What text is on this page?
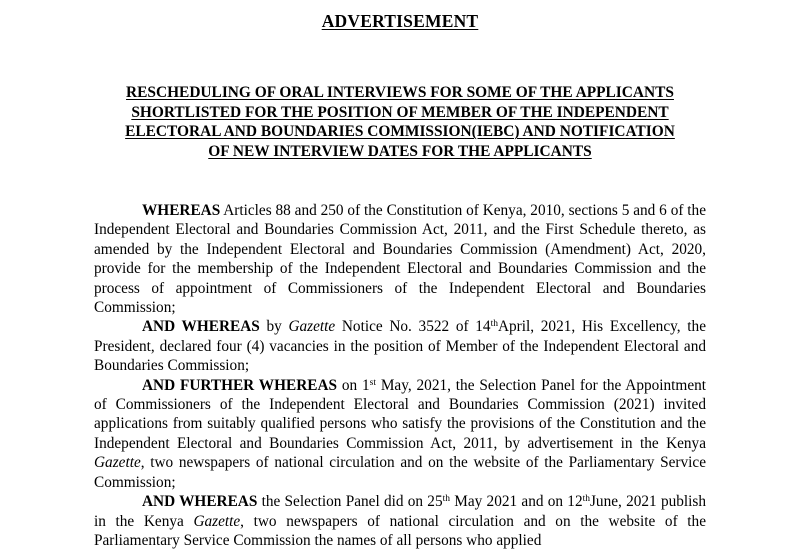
ADVERTISEMENT
RESCHEDULING OF ORAL INTERVIEWS FOR SOME OF THE APPLICANTS
SHORTLISTED FOR THE POSITION OF MEMBER OF THE INDEPENDENT
ELECTORAL AND BOUNDARIES COMMISSION(IEBC) AND NOTIFICATION
OF NEW INTERVIEW DATES FOR THE APPLICANTS

WHEREAS Articles 88 and 250 of the Constitution of Kenya, 2010, sections 5 and 6 of the Independent Electoral and Boundaries Commission Act, 2011, and the First Schedule thereto, as amended by the Independent Electoral and Boundaries Commission (Amendment) Act, 2020, provide for the membership of the Independent Electoral and Boundaries Commission and the process of appointment of Commissioners of the Independent Electoral and Boundaries Commission;

AND WHEREAS by Gazette Notice No. 3522 of 14thApril, 2021, His Excellency, the President, declared four (4) vacancies in the position of Member of the Independent Electoral and Boundaries Commission;

AND FURTHER WHEREAS on 1st May, 2021, the Selection Panel for the Appointment of Commissioners of the Independent Electoral and Boundaries Commission (2021) invited applications from suitably qualified persons who satisfy the provisions of the Constitution and the Independent Electoral and Boundaries Commission Act, 2011, by advertisement in the Kenya Gazette, two newspapers of national circulation and on the website of the Parliamentary Service Commission;

AND WHEREAS the Selection Panel did on 25th May 2021 and on 12thJune, 2021 publish in the Kenya Gazette, two newspapers of national circulation and on the website of the Parliamentary Service Commission the names of all persons who applied
